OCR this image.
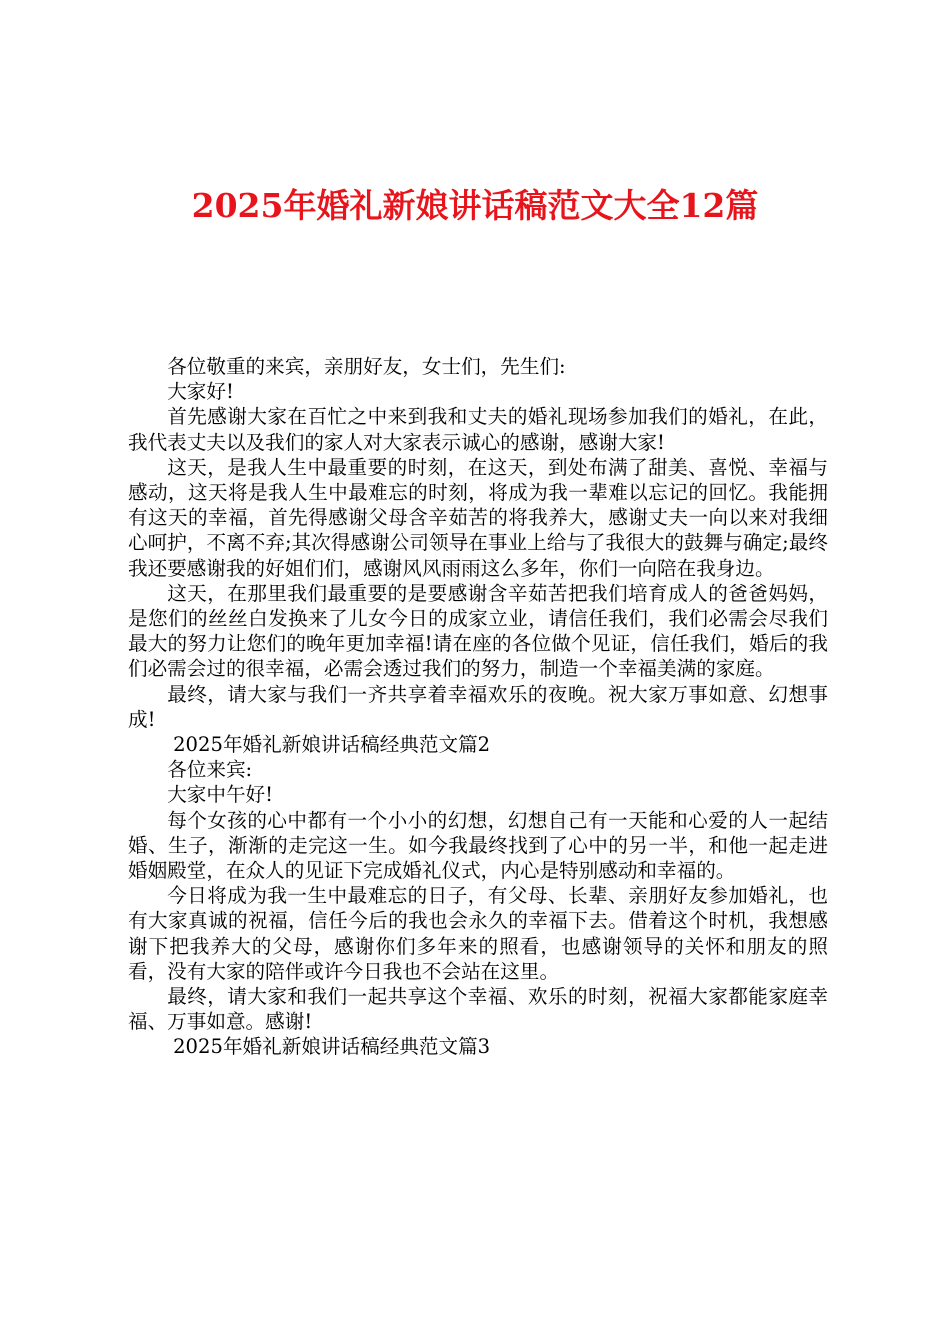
2025年婚礼新娘讲话稿范文大全12篇

各位敬重的来宾，亲朋好友，女士们，先生们:

大家好!

首先感谢大家在百忙之中来到我和丈夫的婚礼现场参加我们的婚礼，在此，我代表丈夫以及我们的家人对大家表示诚心的感谢，感谢大家!

这天，是我人生中最重要的时刻，在这天，到处布满了甜美、喜悦、幸福与感动，这天将是我人生中最难忘的时刻，将成为我一辈难以忘记的回忆。我能拥有这天的幸福，首先得感谢父母含辛茹苦的将我养大，感谢丈夫一向以来对我细心呵护，不离不弃;其次得感谢公司领导在事业上给与了我很大的鼓舞与确定;最终我还要感谢我的好姐们们，感谢风风雨雨这么多年，你们一向陪在我身边。

这天，在那里我们最重要的是要感谢含辛茹苦把我们培育成人的爸爸妈妈，是您们的丝丝白发换来了儿女今日的成家立业，请信任我们，我们必需会尽我们最大的努力让您们的晚年更加幸福!请在座的各位做个见证，信任我们，婚后的我们必需会过的很幸福，必需会透过我们的努力，制造一个幸福美满的家庭。

最终，请大家与我们一齐共享着幸福欢乐的夜晚。祝大家万事如意、幻想事成!

2025年婚礼新娘讲话稿经典范文篇2

各位来宾:

大家中午好!

每个女孩的心中都有一个小小的幻想，幻想自己有一天能和心爱的人一起结婚、生子，渐渐的走完这一生。如今我最终找到了心中的另一半，和他一起走进婚姻殿堂，在众人的见证下完成婚礼仪式，内心是特别感动和幸福的。

今日将成为我一生中最难忘的日子，有父母、长辈、亲朋好友参加婚礼，也有大家真诚的祝福，信任今后的我也会永久的幸福下去。借着这个时机，我想感谢下把我养大的父母，感谢你们多年来的照看，也感谢领导的关怀和朋友的照看，没有大家的陪伴或许今日我也不会站在这里。

最终，请大家和我们一起共享这个幸福、欢乐的时刻，祝福大家都能家庭幸福、万事如意。感谢!

2025年婚礼新娘讲话稿经典范文篇3
